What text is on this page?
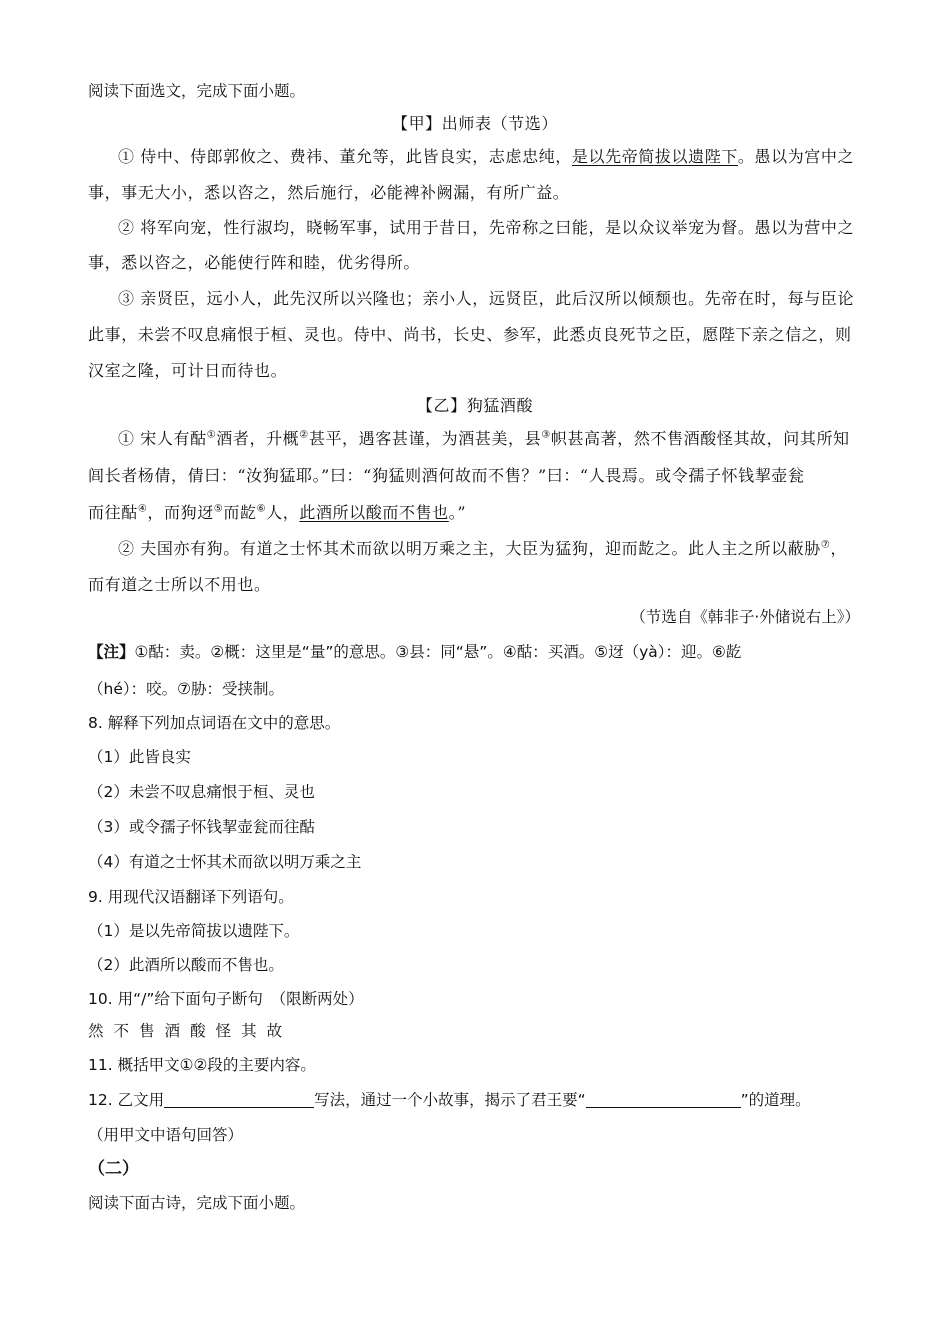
阅读下面选文，完成下面小题。
【甲】出师表（节选）
① 侍中、侍郎郭攸之、费祎、董允等，此皆良实，志虑忠纯，是以先帝简拔以遗陛下。愚以为宫中之
事，事无大小，悉以咨之，然后施行，必能裨补阙漏，有所广益。
② 将军向宠，性行淑均，晓畅军事，试用于昔日，先帝称之曰能，是以众议举宠为督。愚以为营中之
事，悉以咨之，必能使行阵和睦，优劣得所。
③ 亲贤臣，远小人，此先汉所以兴隆也；亲小人，远贤臣，此后汉所以倾颓也。先帝在时，每与臣论
此事，未尝不叹息痛恨于桓、灵也。侍中、尚书，长史、参军，此悉贞良死节之臣，愿陛下亲之信之，则
汉室之隆，可计日而待也。
【乙】狗猛酒酸
① 宋人有酤①酒者，升概②甚平，遇客甚谨，为酒甚美，县③帜甚高著，然不售酒酸怪其故，问其所知
闾长者杨倩，倩曰：“汝狗猛耶。”曰：“狗猛则酒何故而不售？”曰：“人畏焉。或令孺子怀钱挈壶瓮
而往酤④，而狗迓⑤而龁⑥人，此酒所以酸而不售也。”
② 夫国亦有狗。有道之士怀其术而欲以明万乘之主，大臣为猛狗，迎而龁之。此人主之所以蔽胁⑦，
而有道之士所以不用也。
（节选自《韩非子·外储说右上》）
【注】①酤：卖。②概：这里是“量”的意思。③县：同“悬”。④酤：买酒。⑤迓（yà）：迎。⑥龁
（hé）：咬。⑦胁：受挟制。
8. 解释下列加点词语在文中的意思。
（1）此皆良实
（2）未尝不叹息痛恨于桓、灵也
（3）或令孺子怀钱挈壶瓮而往酤
（4）有道之士怀其术而欲以明万乘之主
9. 用现代汉语翻译下列语句。
（1）是以先帝简拔以遗陛下。
（2）此酒所以酸而不售也。
10. 用“/”给下面句子断句　（限断两处）
然 不 售 酒 酸 怪 其 故
11. 概括甲文①②段的主要内容。
12. 乙文用	写法，通过一个小故事，揭示了君王要“	”的道理。
（用甲文中语句回答）
（二）
阅读下面古诗，完成下面小题。
